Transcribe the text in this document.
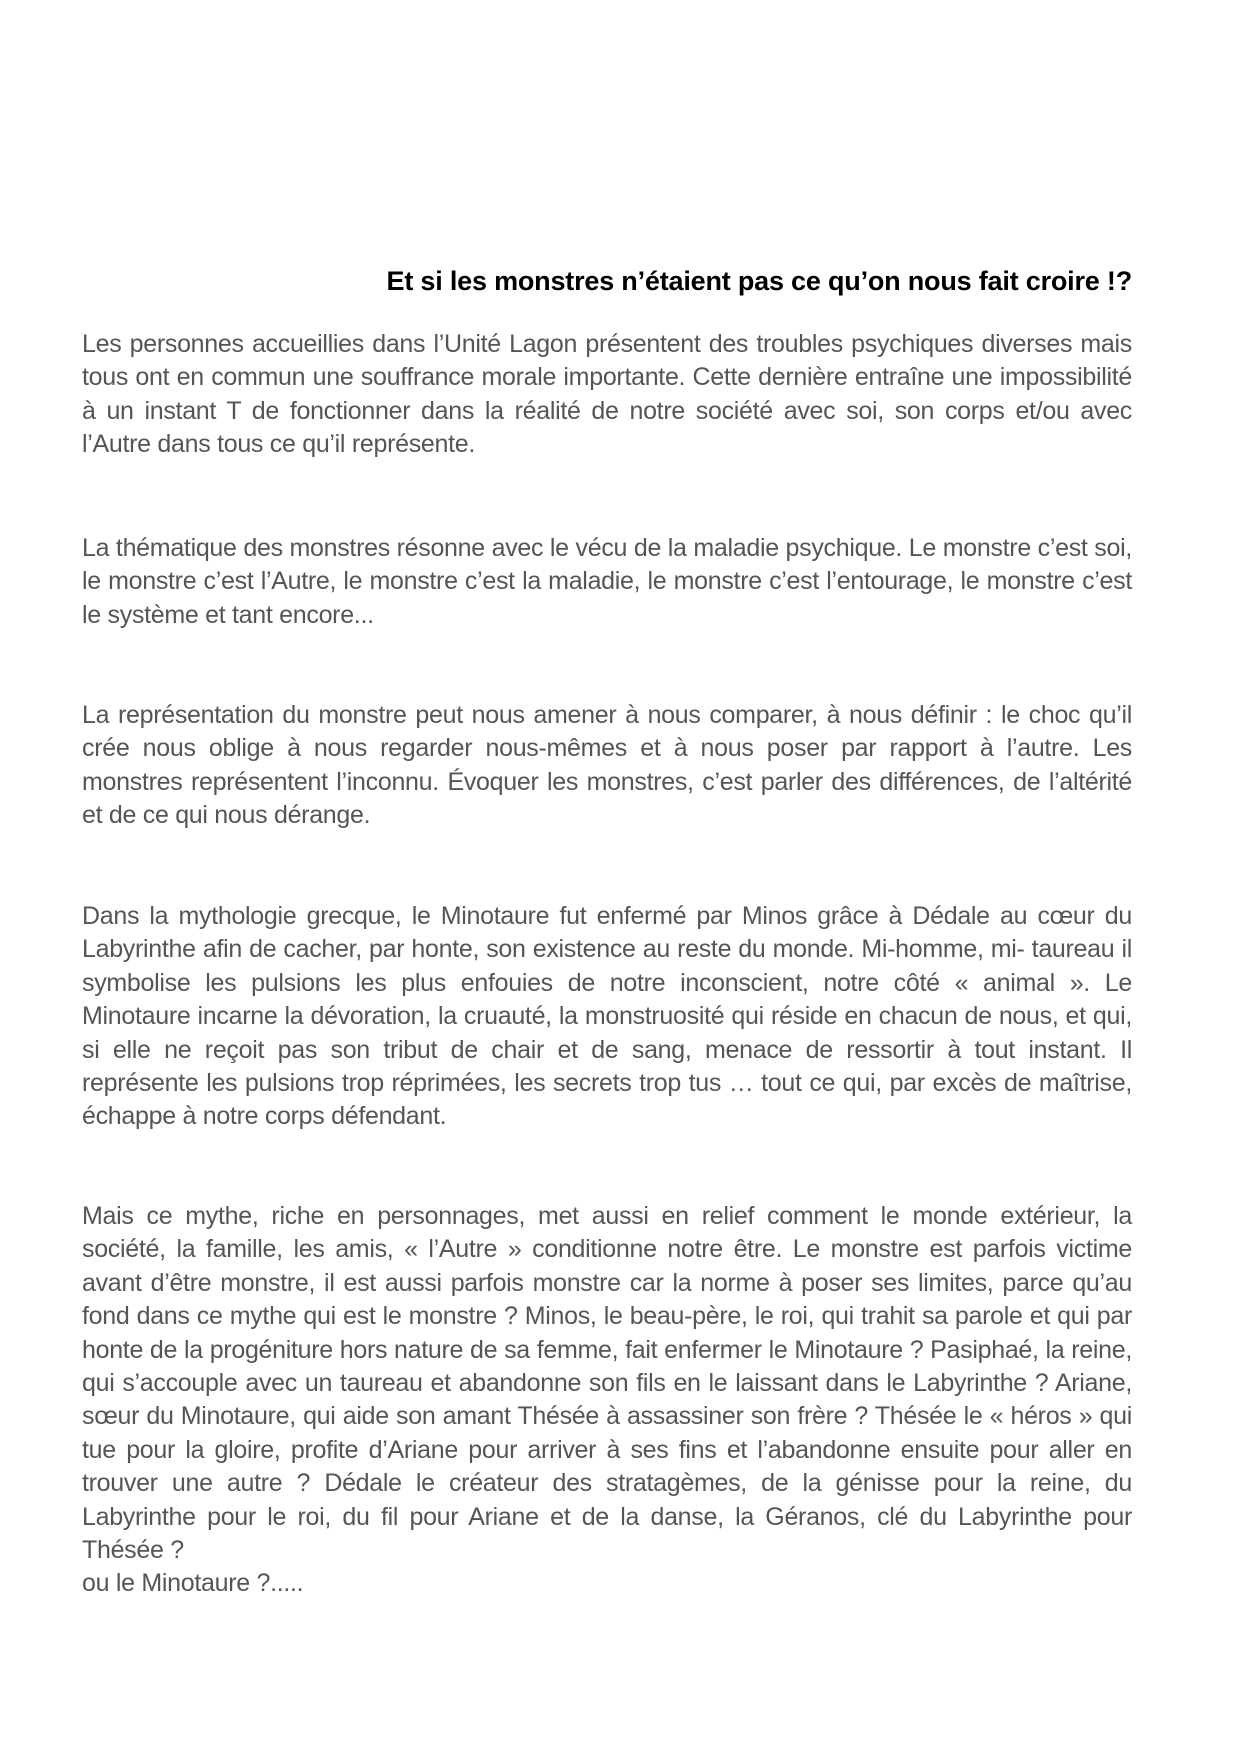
Et si les monstres n’étaient pas ce qu’on nous fait croire !?

Les personnes accueillies dans l’Unité Lagon présentent des troubles psychiques diverses mais tous ont en commun une souffrance morale importante. Cette dernière entraîne une impossibilité à un instant T de fonctionner dans la réalité de notre société avec soi, son corps et/ou avec l’Autre dans tous ce qu’il représente.

La thématique des monstres résonne avec le vécu de la maladie psychique. Le monstre c’est soi, le monstre c’est l’Autre, le monstre c’est la maladie, le monstre c’est l’entourage, le monstre c’est le système et tant encore...

La représentation du monstre peut nous amener à nous comparer, à nous définir : le choc qu’il crée nous oblige à nous regarder nous-mêmes et à nous poser par rapport à l’autre. Les monstres représentent l’inconnu. Évoquer les monstres, c’est parler des différences, de l’altérité et de ce qui nous dérange.

Dans la mythologie grecque, le Minotaure fut enfermé par Minos grâce à Dédale au cœur du Labyrinthe afin de cacher, par honte, son existence au reste du monde. Mi-homme, mi- taureau il symbolise les pulsions les plus enfouies de notre inconscient, notre côté « animal ». Le Minotaure incarne la dévoration, la cruauté, la monstruosité qui réside en chacun de nous, et qui, si elle ne reçoit pas son tribut de chair et de sang, menace de ressortir à tout instant. Il représente les pulsions trop réprimées, les secrets trop tus … tout ce qui, par excès de maîtrise, échappe à notre corps défendant.

Mais ce mythe, riche en personnages, met aussi en relief comment le monde extérieur, la société, la famille, les amis, « l’Autre » conditionne notre être. Le monstre est parfois victime avant d’être monstre, il est aussi parfois monstre car la norme à poser ses limites, parce qu’au fond dans ce mythe qui est le monstre ? Minos, le beau-père, le roi, qui trahit sa parole et qui par honte de la progéniture hors nature de sa femme, fait enfermer le Minotaure ? Pasiphaé, la reine, qui s’accouple avec un taureau et abandonne son fils en le laissant dans le Labyrinthe ? Ariane, sœur du Minotaure, qui aide son amant Thésée à assassiner son frère ? Thésée le « héros » qui tue pour la gloire, profite d’Ariane pour arriver à ses fins et l’abandonne ensuite pour aller en trouver une autre ? Dédale le créateur des stratagèmes, de la génisse pour la reine, du Labyrinthe pour le roi, du fil pour Ariane et de la danse, la Géranos, clé du Labyrinthe pour Thésée ?
ou le Minotaure ?.....
